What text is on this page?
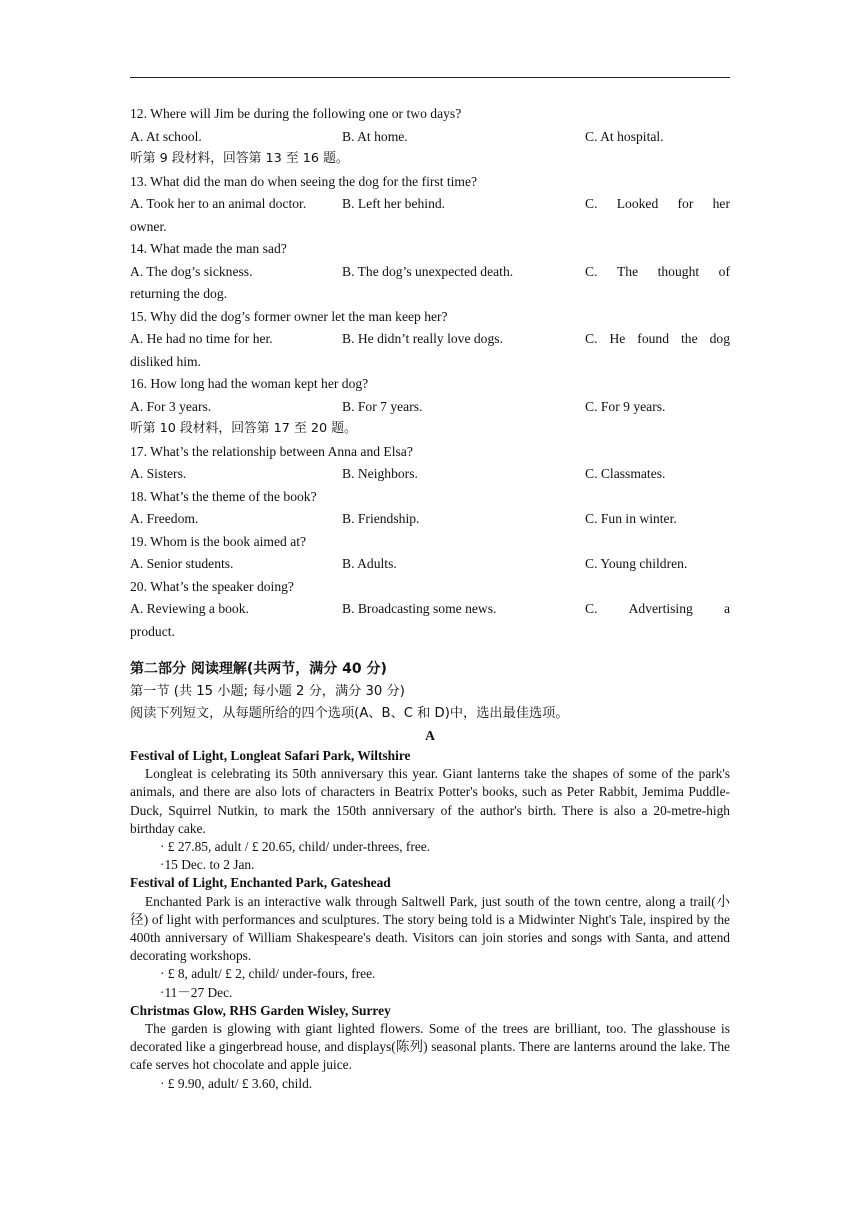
12. Where will Jim be during the following one or two days?
A. At school.	B. At home.	C. At hospital.
听第 9 段材料，回答第 13 至 16 题。
13. What did the man do when seeing the dog for the first time?
A. Took her to an animal doctor.	B. Left her behind.	C. Looked for her
owner.
14. What made the man sad?
A. The dog’s sickness.	B. The dog’s unexpected death.	C. The thought of
returning the dog.
15. Why did the dog’s former owner let the man keep her?
A. He had no time for her.	B. He didn’t really love dogs.	C. He found the dog
disliked him.
16. How long had the woman kept her dog?
A. For 3 years.	B. For 7 years.	C. For 9 years.
听第 10 段材料，回答第 17 至 20 题。
17. What’s the relationship between Anna and Elsa?
A. Sisters.	B. Neighbors.	C. Classmates.
18. What’s the theme of the book?
A. Freedom.	B. Friendship.	C. Fun in winter.
19. Whom is the book aimed at?
A. Senior students.	B. Adults.	C. Young children.
20. What’s the speaker doing?
A. Reviewing a book.	B. Broadcasting some news.	C. Advertising a
product.
第二部分 阅读理解(共两节，满分 40 分)
第一节 (共 15 小题; 每小题 2 分，满分 30 分)
阅读下列短文，从每题所给的四个选项(A、B、C 和 D)中，选出最佳选项。
A
Festival of Light, Longleat Safari Park, Wiltshire
Longleat is celebrating its 50th anniversary this year. Giant lanterns take the shapes of some of the park's animals, and there are also lots of characters in Beatrix Potter's books, such as Peter Rabbit, Jemima Puddle-Duck, Squirrel Nutkin, to mark the 150th anniversary of the author's birth. There is also a 20-metre-high birthday cake.
· £ 27.85, adult / £ 20.65, child/ under-threes, free.
·15 Dec. to 2 Jan.
Festival of Light, Enchanted Park, Gateshead
Enchanted Park is an interactive walk through Saltwell Park, just south of the town centre, along a trail(小径) of light with performances and sculptures. The story being told is a Midwinter Night's Tale, inspired by the 400th anniversary of William Shakespeare's death. Visitors can join stories and songs with Santa, and attend decorating workshops.
· £ 8, adult/ £ 2, child/ under-fours, free.
·11－27 Dec.
Christmas Glow, RHS Garden Wisley, Surrey
The garden is glowing with giant lighted flowers. Some of the trees are brilliant, too. The glasshouse is decorated like a gingerbread house, and displays(陈列) seasonal plants. There are lanterns around the lake. The cafe serves hot chocolate and apple juice.
· £ 9.90, adult/ £ 3.60, child.
